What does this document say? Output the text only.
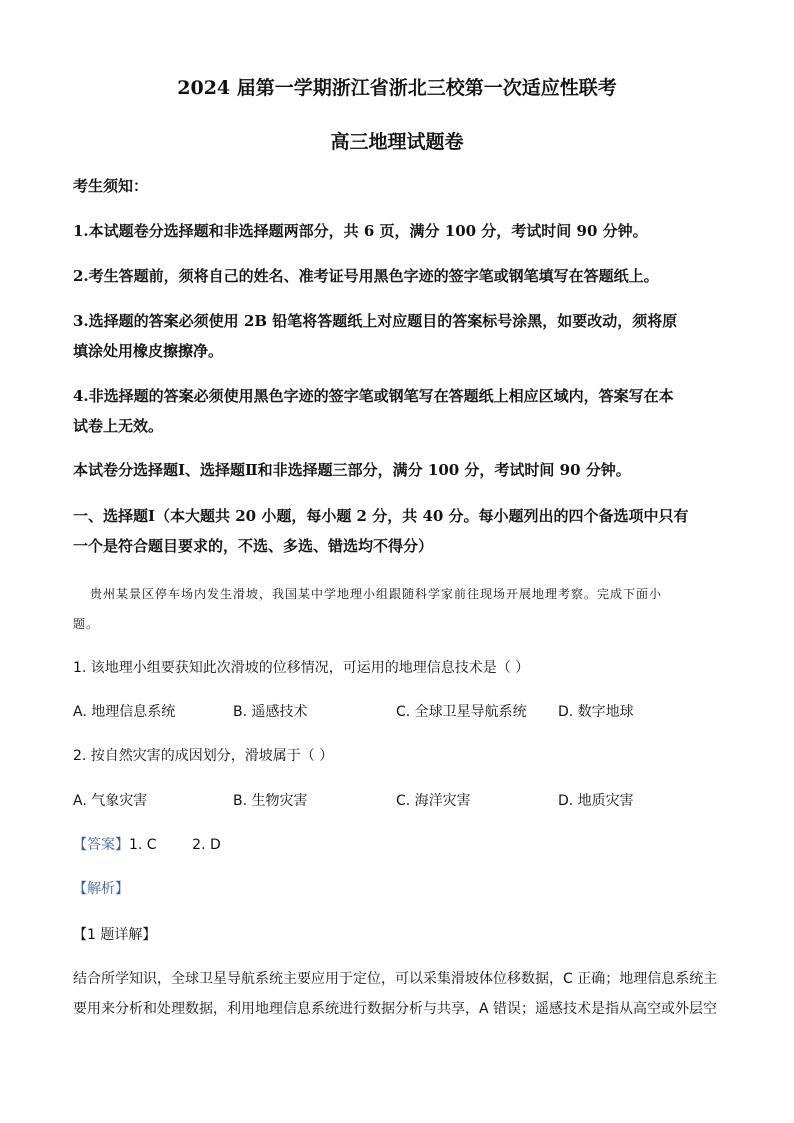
2024 届第一学期浙江省浙北三校第一次适应性联考
高三地理试题卷
考生须知：
1.本试题卷分选择题和非选择题两部分，共 6 页，满分 100 分，考试时间 90 分钟。
2.考生答题前，须将自己的姓名、准考证号用黑色字迹的签字笔或钢笔填写在答题纸上。
3.选择题的答案必须使用 2B 铅笔将答题纸上对应题目的答案标号涂黑，如要改动，须将原
填涂处用橡皮擦擦净。
4.非选择题的答案必须使用黑色字迹的签字笔或钢笔写在答题纸上相应区域内，答案写在本
试卷上无效。
本试卷分选择题Ⅰ、选择题Ⅱ和非选择题三部分，满分 100 分，考试时间 90 分钟。
一、选择题Ⅰ（本大题共 20 小题，每小题 2 分，共 40 分。每小题列出的四个备选项中只有
一个是符合题目要求的，不选、多选、错选均不得分）
贵州某景区停车场内发生滑坡，我国某中学地理小组跟随科学家前往现场开展地理考察。完成下面小
题。
1. 该地理小组要获知此次滑坡的位移情况，可运用的地理信息技术是（ ）
A. 地理信息系统	B. 遥感技术	C. 全球卫星导航系统 D. 数字地球
2. 按自然灾害的成因划分，滑坡属于（ ）
A. 气象灾害	B. 生物灾害	C. 海洋灾害	D. 地质灾害
【答案】1. C        2. D
【解析】
【1 题详解】
结合所学知识，全球卫星导航系统主要应用于定位，可以采集滑坡体位移数据，C 正确；地理信息系统主
要用来分析和处理数据，利用地理信息系统进行数据分析与共享，A 错误；遥感技术是指从高空或外层空
